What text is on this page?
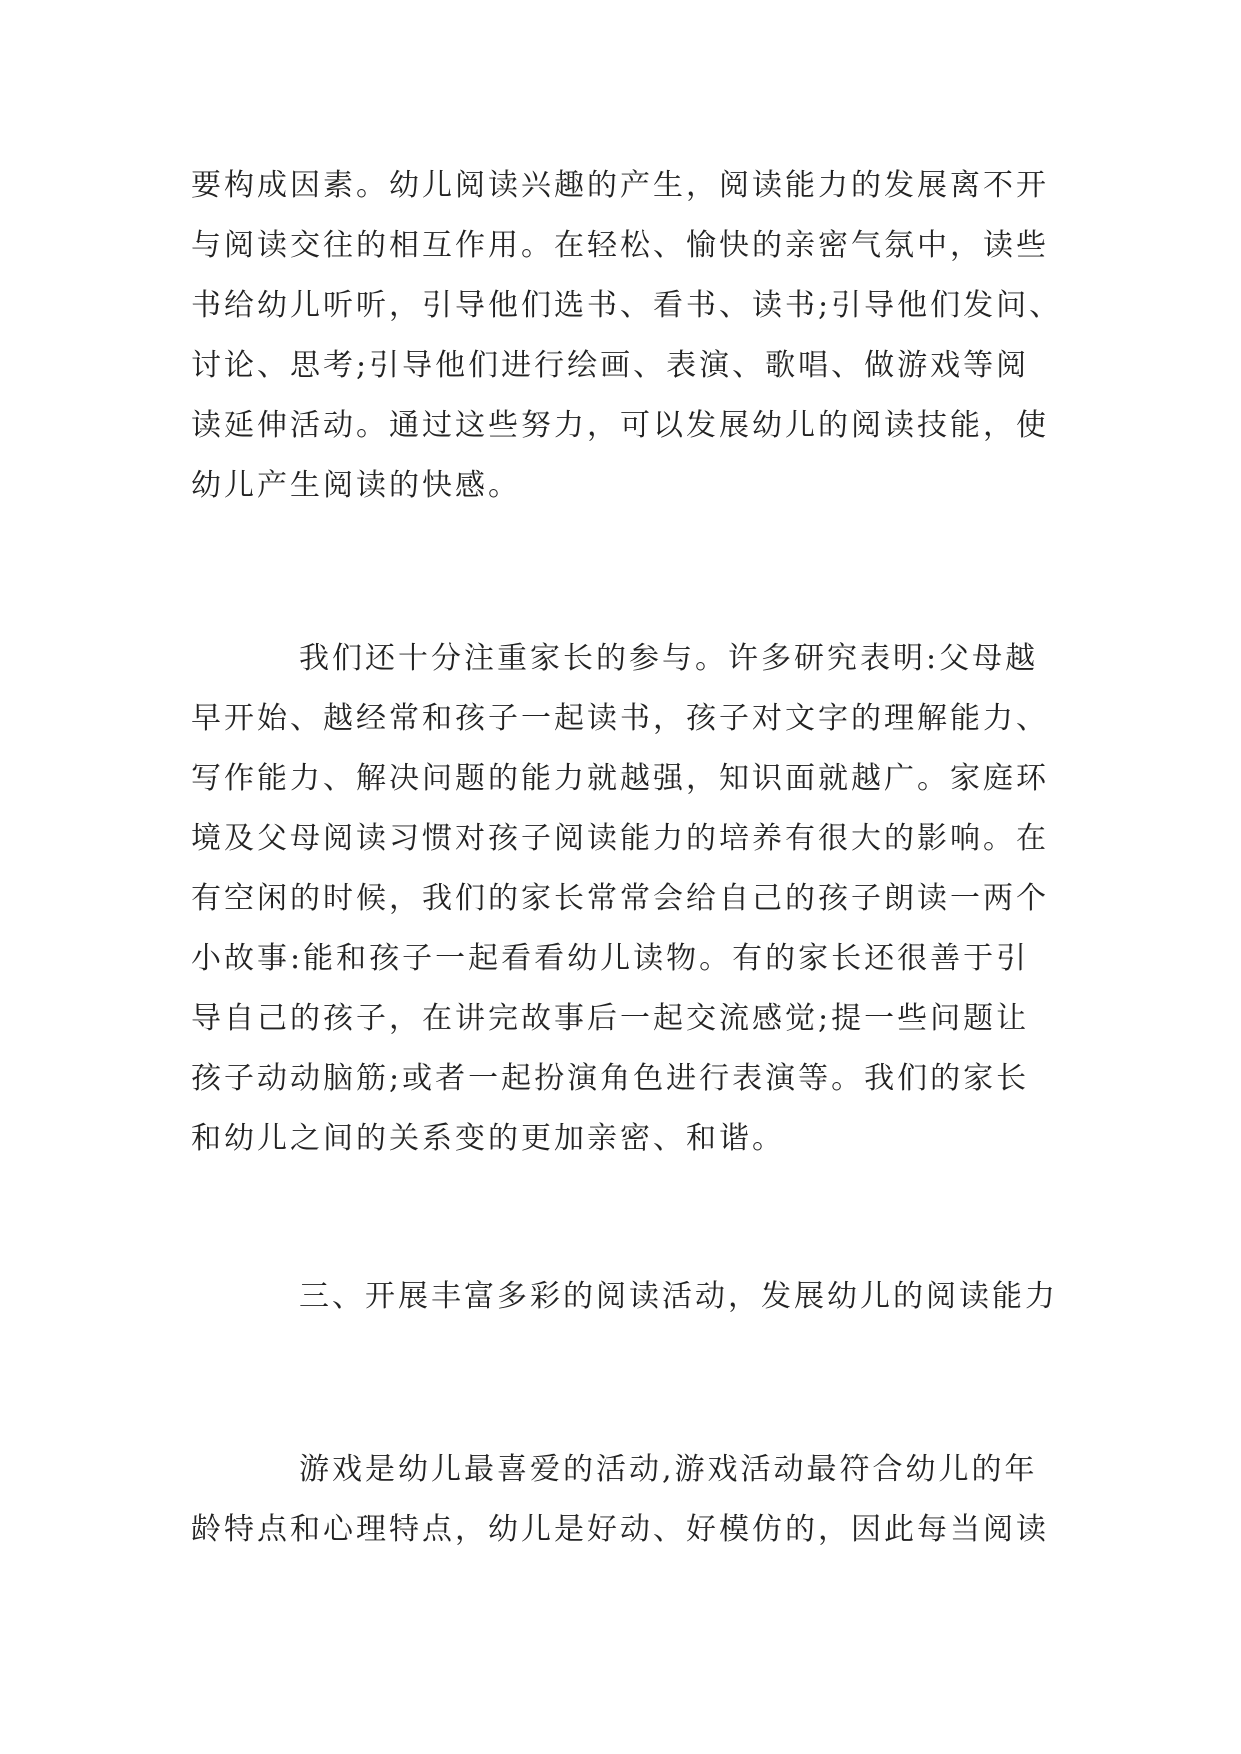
要构成因素。幼儿阅读兴趣的产生，阅读能力的发展离不开
与阅读交往的相互作用。在轻松、愉快的亲密气氛中，读些
书给幼儿听听，引导他们选书、看书、读书;引导他们发问、
讨论、思考;引导他们进行绘画、表演、歌唱、做游戏等阅
读延伸活动。通过这些努力，可以发展幼儿的阅读技能，使
幼儿产生阅读的快感。
我们还十分注重家长的参与。许多研究表明:父母越
早开始、越经常和孩子一起读书，孩子对文字的理解能力、
写作能力、解决问题的能力就越强，知识面就越广。家庭环
境及父母阅读习惯对孩子阅读能力的培养有很大的影响。在
有空闲的时候，我们的家长常常会给自己的孩子朗读一两个
小故事:能和孩子一起看看幼儿读物。有的家长还很善于引
导自己的孩子，在讲完故事后一起交流感觉;提一些问题让
孩子动动脑筋;或者一起扮演角色进行表演等。我们的家长
和幼儿之间的关系变的更加亲密、和谐。
三、开展丰富多彩的阅读活动，发展幼儿的阅读能力
游戏是幼儿最喜爱的活动,游戏活动最符合幼儿的年
龄特点和心理特点，幼儿是好动、好模仿的，因此每当阅读
